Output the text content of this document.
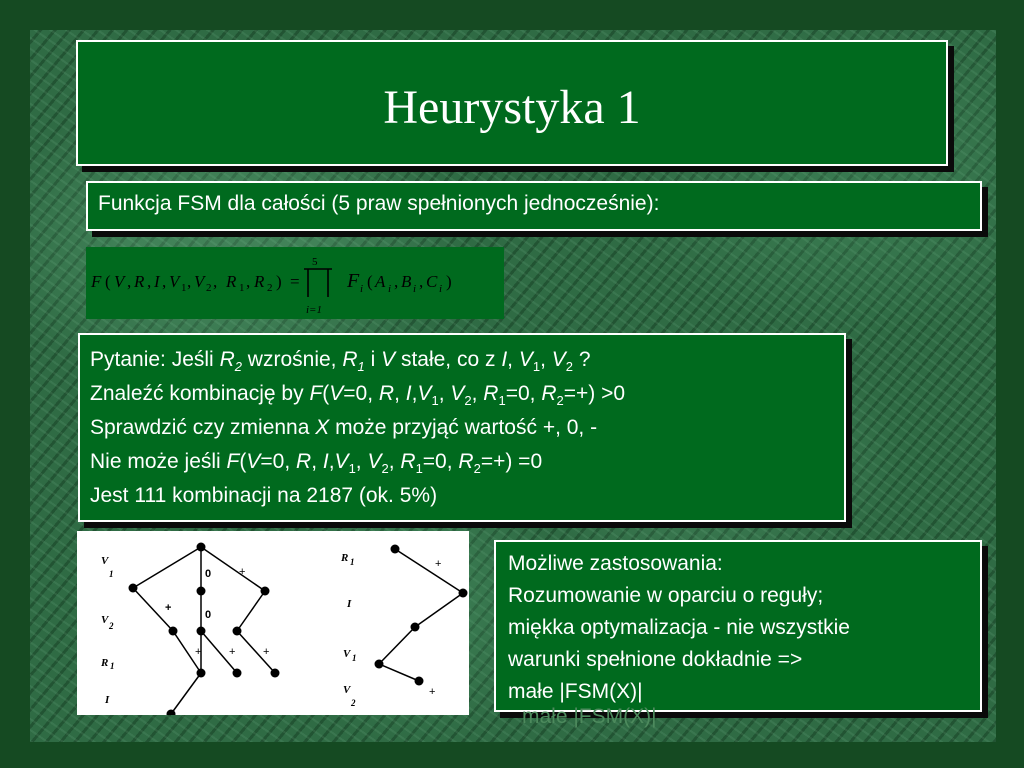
Heurystyka 1
Funkcja FSM dla całości (5 praw spełnionych jednocześnie):
F ( V , R , I , V 1 , V 2 , R 1 , R 2 ) =
5
F i ( A i , B i , C i )
i=1
Pytanie: Jeśli $R_2$ wzrośnie, $R_1$ i V stałe, co z I, $V_1$, $V_2$ ?
Znaleźć kombinację by F(V=0, R, $I,V_1$, $V_2$, $R_1=0$, $R_2=+) >0$
Sprawdzić czy zmienna X może przyjąć wartość +, 0, -
Nie może jeśli F(V=0, R, $I,V_1$, $V_2$, $R_1=0$, $R_2=+) =0$
Jest 111 kombinacji na 2187 (ok. 5%)
V
1
V 2
R 1
I
R 1
I
V 1
V
2
0	+
+
0
+	+	+
+
+
Możliwe zastosowania:
Rozumowanie w oparciu o reguły;
miękka optymalizacja - nie wszystkie
warunki spełnione dokładnie =>
małe |FSM(X)|
małe |FSM(X)|
